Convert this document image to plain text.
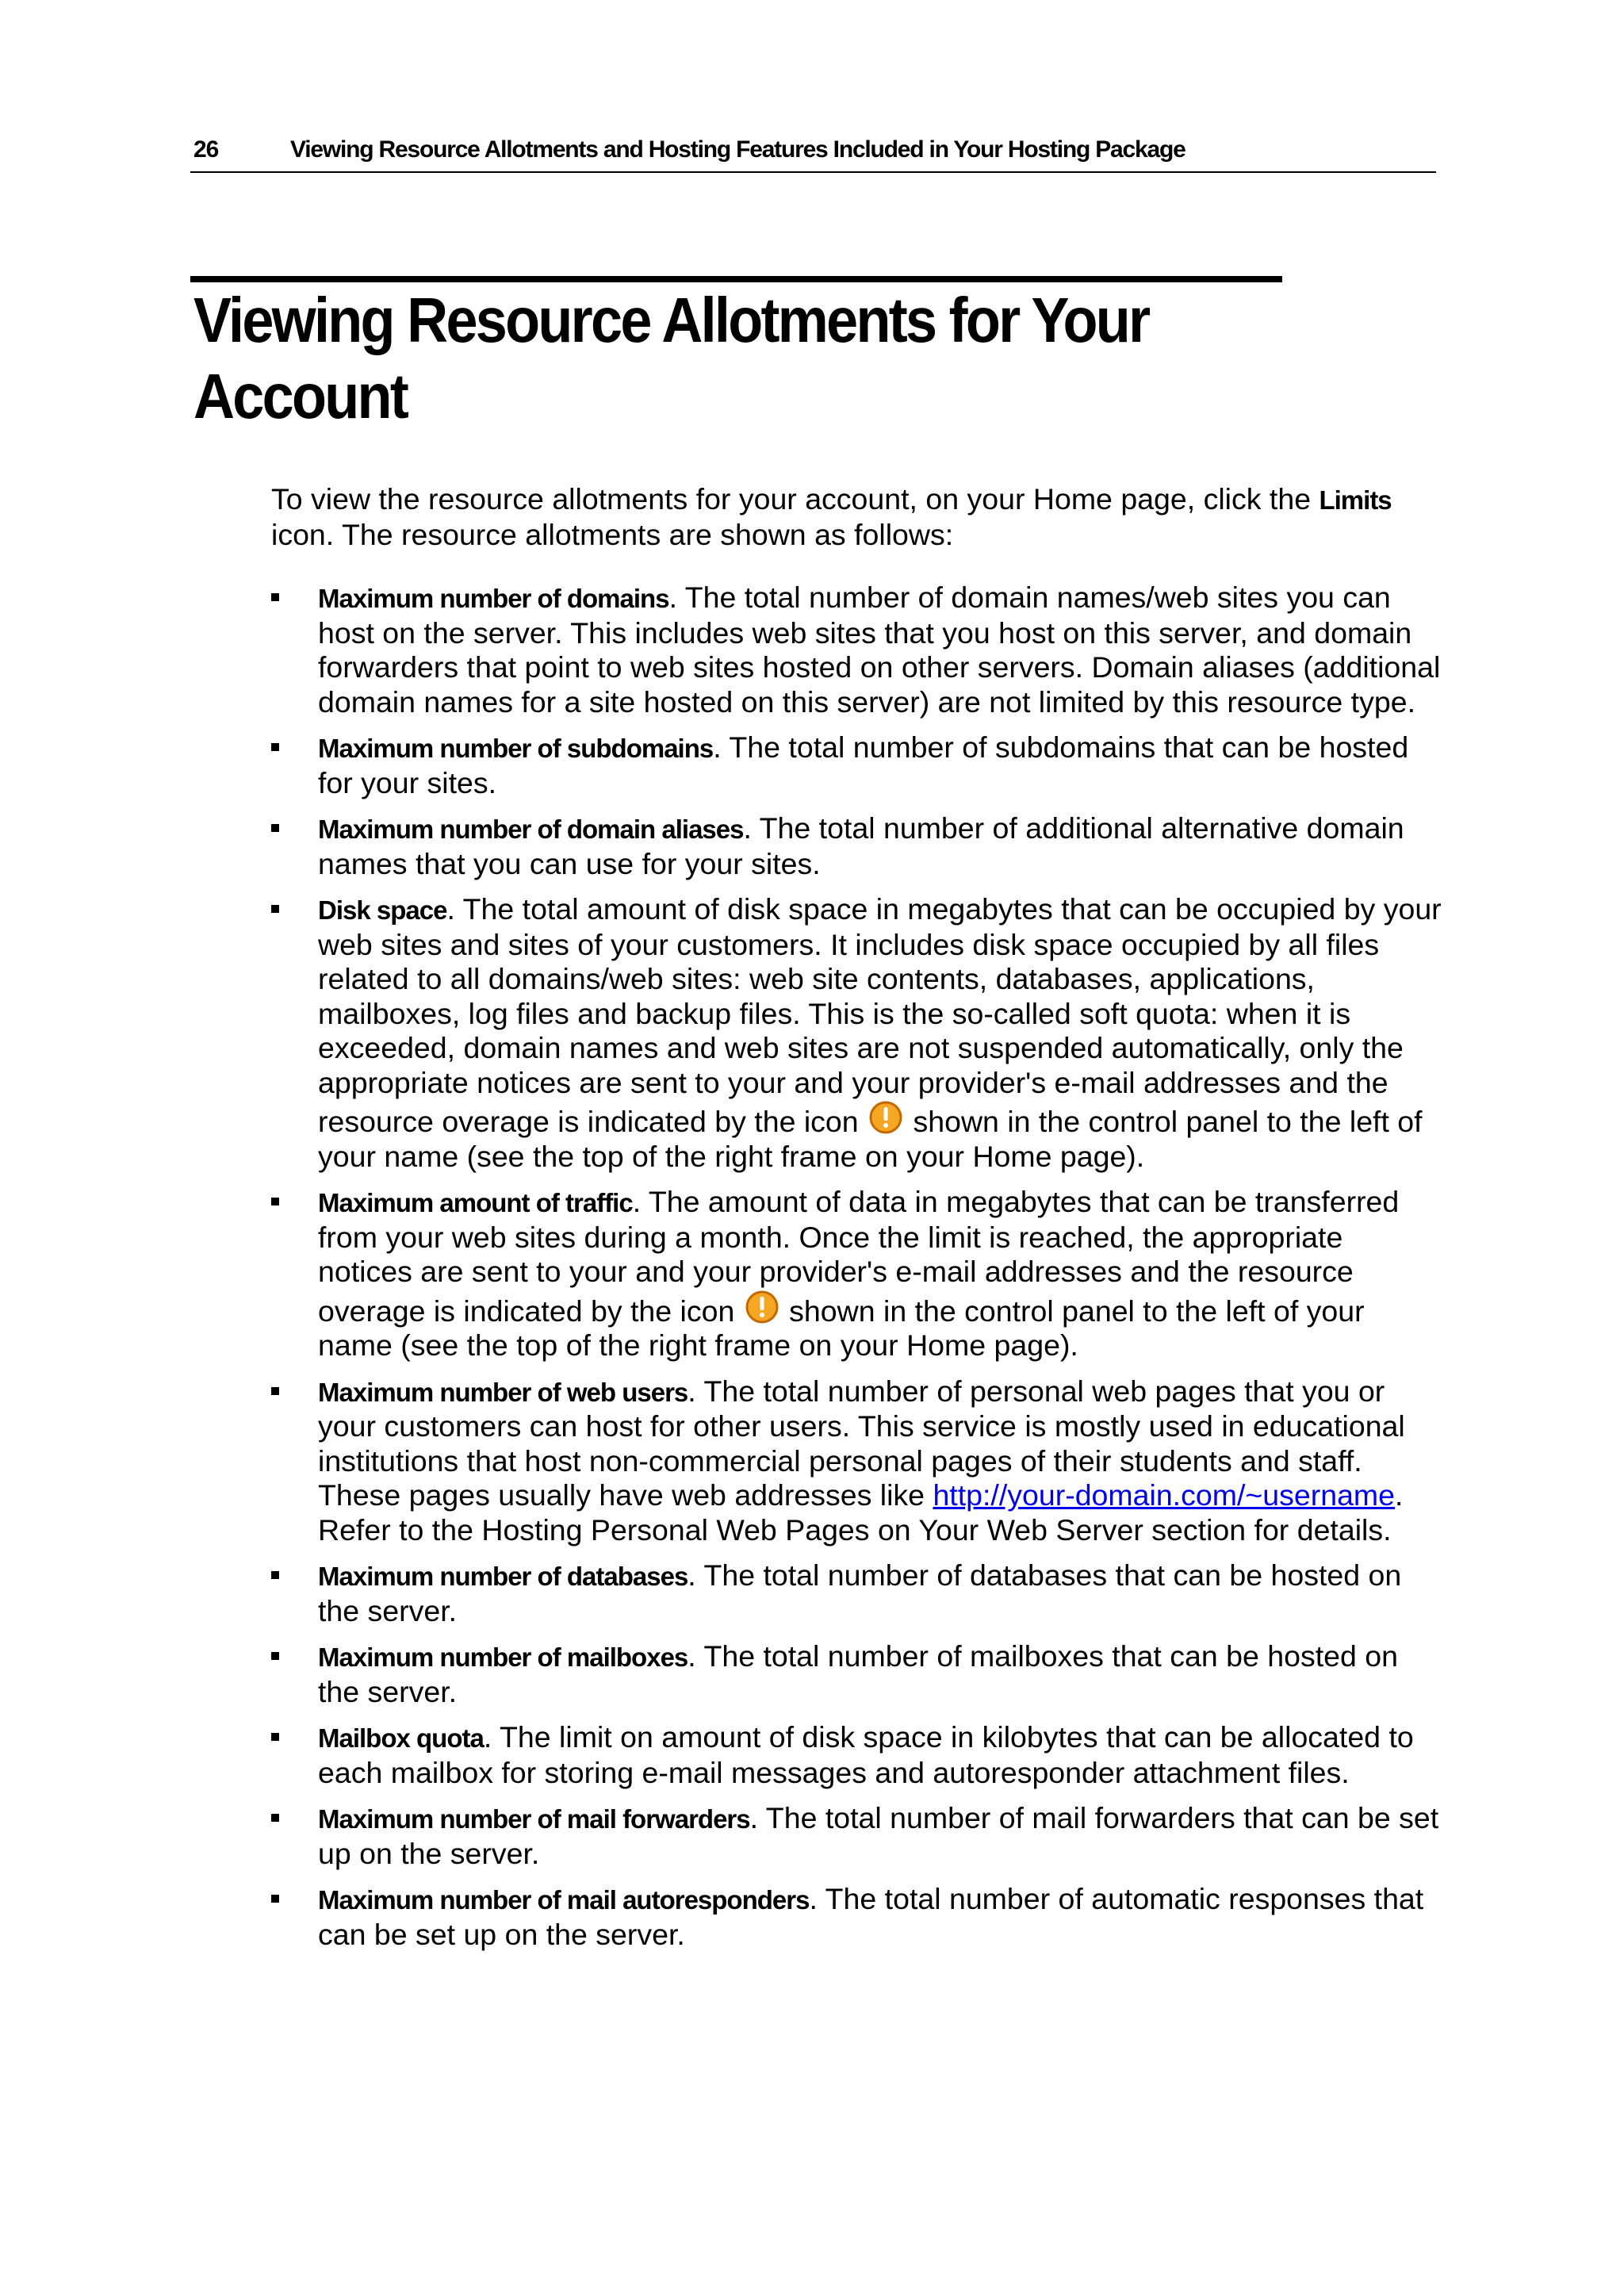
26	Viewing Resource Allotments and Hosting Features Included in Your Hosting Package
Viewing Resource Allotments for Your
Account

To view the resource allotments for your account, on your Home page, click the Limits icon. The resource allotments are shown as follows:

Maximum number of domains. The total number of domain names/web sites you can host on the server. This includes web sites that you host on this server, and domain forwarders that point to web sites hosted on other servers. Domain aliases (additional domain names for a site hosted on this server) are not limited by this resource type.
Maximum number of subdomains. The total number of subdomains that can be hosted for your sites.
Maximum number of domain aliases. The total number of additional alternative domain names that you can use for your sites.
Disk space. The total amount of disk space in megabytes that can be occupied by your web sites and sites of your customers. It includes disk space occupied by all files related to all domains/web sites: web site contents, databases, applications, mailboxes, log files and backup files. This is the so-called soft quota: when it is exceeded, domain names and web sites are not suspended automatically, only the appropriate notices are sent to your and your provider's e-mail addresses and the resource overage is indicated by the icon  shown in the control panel to the left of your name (see the top of the right frame on your Home page).
Maximum amount of traffic. The amount of data in megabytes that can be transferred from your web sites during a month. Once the limit is reached, the appropriate notices are sent to your and your provider's e-mail addresses and the resource overage is indicated by the icon  shown in the control panel to the left of your name (see the top of the right frame on your Home page).
Maximum number of web users. The total number of personal web pages that you or your customers can host for other users. This service is mostly used in educational institutions that host non-commercial personal pages of their students and staff. These pages usually have web addresses like http://your-domain.com/~username. Refer to the Hosting Personal Web Pages on Your Web Server section for details.
Maximum number of databases. The total number of databases that can be hosted on the server.
Maximum number of mailboxes. The total number of mailboxes that can be hosted on the server.
Mailbox quota. The limit on amount of disk space in kilobytes that can be allocated to each mailbox for storing e-mail messages and autoresponder attachment files.
Maximum number of mail forwarders. The total number of mail forwarders that can be set up on the server.
Maximum number of mail autoresponders. The total number of automatic responses that can be set up on the server.
